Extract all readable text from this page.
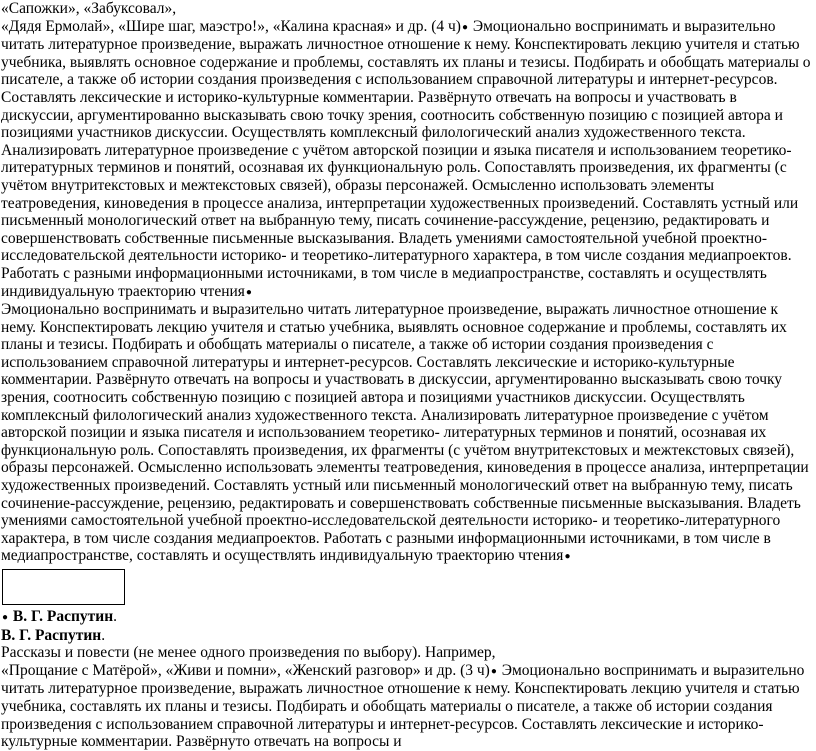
«Сапожки», «Забуксовал»,

«Дядя Ермолай», «Шире шаг, маэстро!», «Калина красная» и др. (4 ч)● Эмоционально воспринимать и выразительно читать литературное произведение, выражать личностное отношение к нему. Конспектировать лекцию учителя и статью учебника, выявлять основное содержание и проблемы, составлять их планы и тезисы. Подбирать и обобщать материалы о писателе, а также об истории создания произведения с использованием справочной литературы и интернет-ресурсов. Составлять лексические и историко-культурные комментарии. Развёрнуто отвечать на вопросы и участвовать в дискуссии, аргументированно высказывать свою точку зрения, соотносить собственную позицию с позицией автора и позициями участников дискуссии. Осуществлять комплексный филологический анализ художественного текста. Анализировать литературное произведение с учётом авторской позиции и языка писателя и использованием теоретико-литературных терминов и понятий, осознавая их функциональную роль. Сопоставлять произведения, их фрагменты (с учётом внутритекстовых и межтекстовых связей), образы персонажей. Осмысленно использовать элементы театроведения, киноведения в процессе анализа, интерпретации художественных произведений. Составлять устный или письменный монологический ответ на выбранную тему, писать сочинение-рассуждение, рецензию, редактировать и совершенствовать собственные письменные высказывания. Владеть умениями самостоятельной учебной проектно-исследовательской деятельности историко- и теоретико-литературного характера, в том числе создания медиапроектов. Работать с разными информационными источниками, в том числе в медиапространстве, составлять и осуществлять индивидуальную траекторию чтения●

Эмоционально воспринимать и выразительно читать литературное произведение, выражать личностное отношение к нему. Конспектировать лекцию учителя и статью учебника, выявлять основное содержание и проблемы, составлять их планы и тезисы. Подбирать и обобщать материалы о писателе, а также об истории создания произведения с использованием справочной литературы и интернет-ресурсов. Составлять лексические и историко-культурные комментарии. Развёрнуто отвечать на вопросы и участвовать в дискуссии, аргументированно высказывать свою точку зрения, соотносить собственную позицию с позицией автора и позициями участников дискуссии. Осуществлять комплексный филологический анализ художественного текста. Анализировать литературное произведение с учётом авторской позиции и языка писателя и использованием теоретико- литературных терминов и понятий, осознавая их функциональную роль. Сопоставлять произведения, их фрагменты (с учётом внутритекстовых и межтекстовых связей), образы персонажей. Осмысленно использовать элементы театроведения, киноведения в процессе анализа, интерпретации художественных произведений. Составлять устный или письменный монологический ответ на выбранную тему, писать сочинение-рассуждение, рецензию, редактировать и совершенствовать собственные письменные высказывания. Владеть умениями самостоятельной учебной проектно-исследовательской деятельности историко- и теоретико-литературного характера, в том числе создания медиапроектов. Работать с разными информационными источниками, в том числе в медиапространстве, составлять и осуществлять индивидуальную траекторию чтения●

● В. Г. Распутин.

В. Г. Распутин.

Рассказы и повести (не менее одного произведения по выбору). Например,

«Прощание с Матёрой», «Живи и помни», «Женский разговор» и др. (3 ч)● Эмоционально воспринимать и выразительно читать литературное произведение, выражать личностное отношение к нему. Конспектировать лекцию учителя и статью учебника, составлять их планы и тезисы. Подбирать и обобщать материалы о писателе, а также об истории создания произведения с использованием справочной литературы и интернет-ресурсов. Составлять лексические и историко-культурные комментарии. Развёрнуто отвечать на вопросы и
